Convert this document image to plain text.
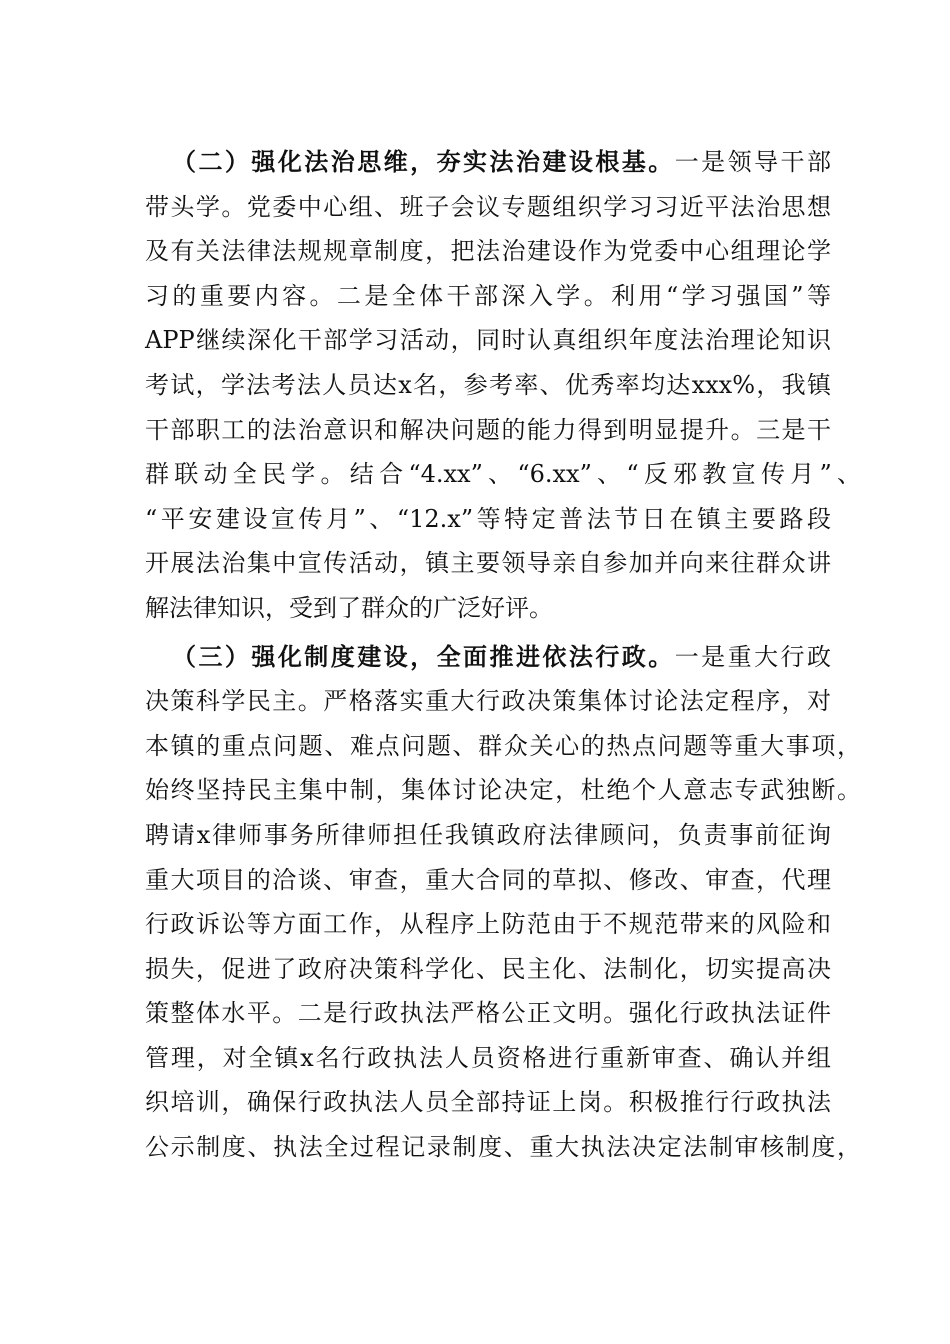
（二）强化法治思维，夯实法治建设根基。一是领导干部
带头学。党委中心组、班子会议专题组织学习习近平法治思想
及有关法律法规规章制度，把法治建设作为党委中心组理论学
习的重要内容。二是全体干部深入学。利用“学习强国”等
APP继续深化干部学习活动，同时认真组织年度法治理论知识
考试，学法考法人员达x名，参考率、优秀率均达xxx%，我镇
干部职工的法治意识和解决问题的能力得到明显提升。三是干
群联动全民学。结合“4.xx”、“6.xx”、“反邪教宣传月”、
“平安建设宣传月”、“12.x”等特定普法节日在镇主要路段
开展法治集中宣传活动，镇主要领导亲自参加并向来往群众讲
解法律知识，受到了群众的广泛好评。
（三）强化制度建设，全面推进依法行政。一是重大行政
决策科学民主。严格落实重大行政决策集体讨论法定程序，对
本镇的重点问题、难点问题、群众关心的热点问题等重大事项，
始终坚持民主集中制，集体讨论决定，杜绝个人意志专武独断。
聘请x律师事务所律师担任我镇政府法律顾问，负责事前征询
重大项目的洽谈、审查，重大合同的草拟、修改、审查，代理
行政诉讼等方面工作，从程序上防范由于不规范带来的风险和
损失，促进了政府决策科学化、民主化、法制化，切实提高决
策整体水平。二是行政执法严格公正文明。强化行政执法证件
管理，对全镇x名行政执法人员资格进行重新审查、确认并组
织培训，确保行政执法人员全部持证上岗。积极推行行政执法
公示制度、执法全过程记录制度、重大执法决定法制审核制度，
